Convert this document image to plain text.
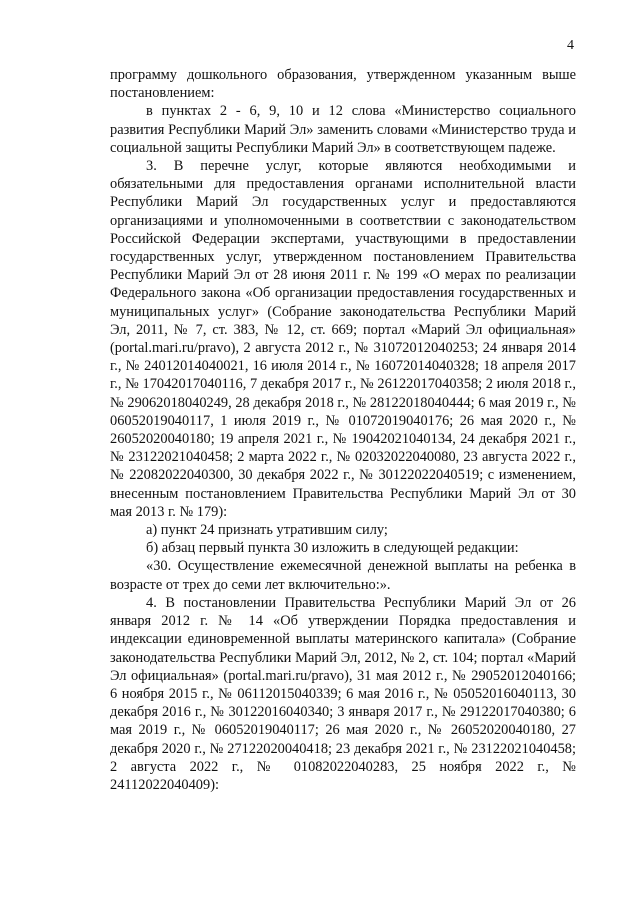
4

программу дошкольного образования, утвержденном указанным выше постановлением:

в пунктах 2 - 6, 9, 10 и 12 слова «Министерство социального развития Республики Марий Эл» заменить словами «Министерство труда и социальной защиты Республики Марий Эл» в соответствующем падеже.

3. В перечне услуг, которые являются необходимыми и обязательными для предоставления органами исполнительной власти Республики Марий Эл государственных услуг и предоставляются организациями и уполномоченными в соответствии с законодательством Российской Федерации экспертами, участвующими в предоставлении государственных услуг, утвержденном постановлением Правительства Республики Марий Эл от 28 июня 2011 г. № 199 «О мерах по реализации Федерального закона «Об организации предоставления государственных и муниципальных услуг» (Собрание законодательства Республики Марий Эл, 2011, № 7, ст. 383, № 12, ст. 669; портал «Марий Эл официальная» (portal.mari.ru/pravo), 2 августа 2012 г., № 31072012040253; 24 января 2014 г., № 24012014040021, 16 июля 2014 г., № 16072014040328; 18 апреля 2017 г., № 17042017040116, 7 декабря 2017 г., № 26122017040358; 2 июля 2018 г., № 29062018040249, 28 декабря 2018 г., № 28122018040444; 6 мая 2019 г., № 06052019040117, 1 июля 2019 г., № 01072019040176; 26 мая 2020 г., № 26052020040180; 19 апреля 2021 г., № 19042021040134, 24 декабря 2021 г., № 23122021040458; 2 марта 2022 г., № 02032022040080, 23 августа 2022 г., № 22082022040300, 30 декабря 2022 г., № 30122022040519; с изменением, внесенным постановлением Правительства Республики Марий Эл от 30 мая 2013 г. № 179):

а) пункт 24 признать утратившим силу;

б) абзац первый пункта 30 изложить в следующей редакции:

«30. Осуществление ежемесячной денежной выплаты на ребенка в возрасте от трех до семи лет включительно:».

4. В постановлении Правительства Республики Марий Эл от 26 января 2012 г. № 14 «Об утверждении Порядка предоставления и индексации единовременной выплаты материнского капитала» (Собрание законодательства Республики Марий Эл, 2012, № 2, ст. 104; портал «Марий Эл официальная» (portal.mari.ru/pravo), 31 мая 2012 г., № 29052012040166; 6 ноября 2015 г., № 06112015040339; 6 мая 2016 г., № 05052016040113, 30 декабря 2016 г., № 30122016040340; 3 января 2017 г., № 29122017040380; 6 мая 2019 г., № 06052019040117; 26 мая 2020 г., № 26052020040180, 27 декабря 2020 г., № 27122020040418; 23 декабря 2021 г., № 23122021040458; 2 августа 2022 г., № 01082022040283, 25 ноября 2022 г., № 24112022040409):
